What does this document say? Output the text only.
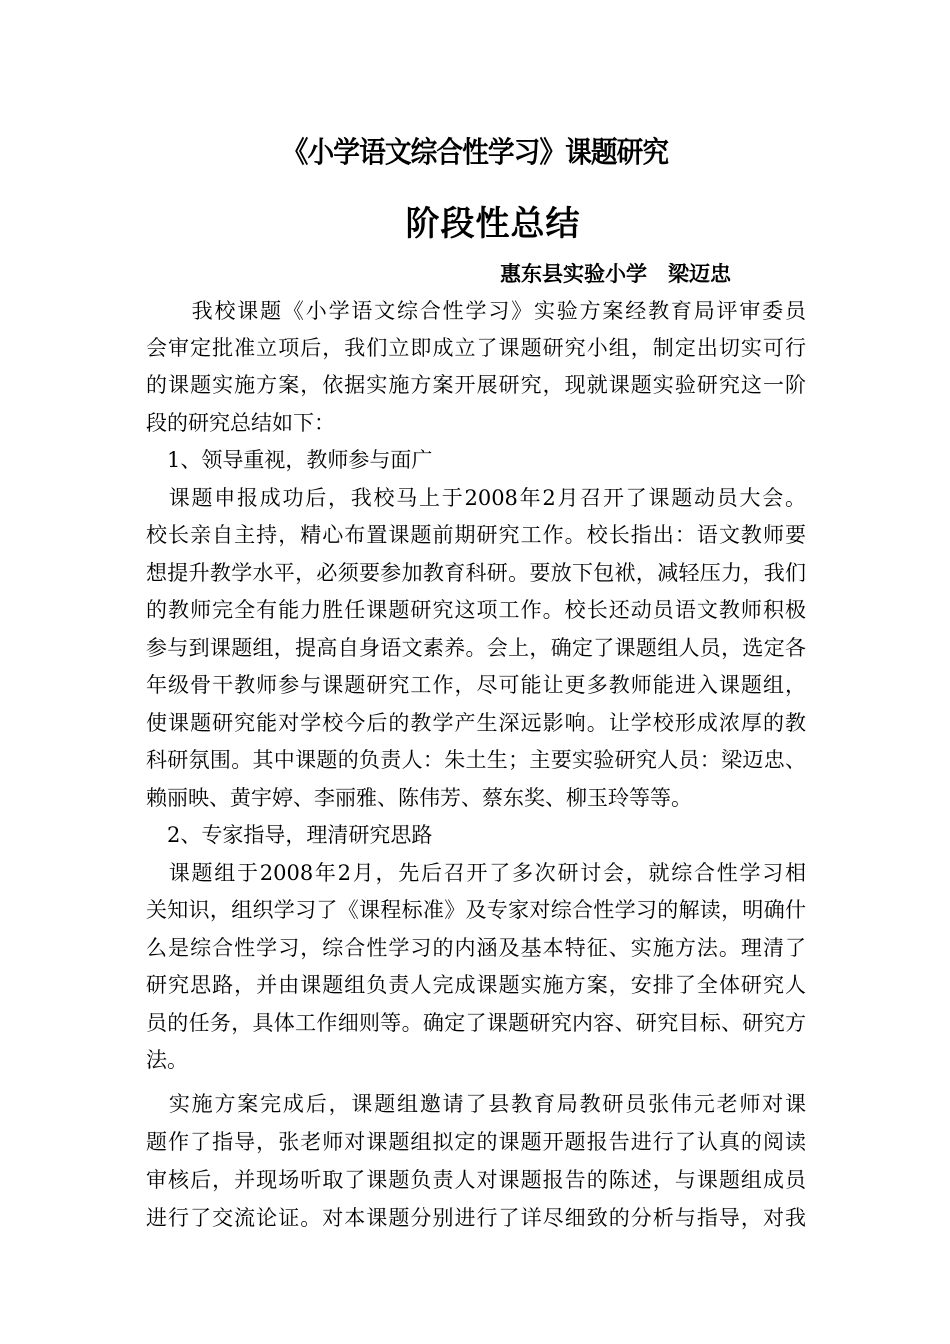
《小学语文综合性学习》课题研究
阶段性总结
惠东县实验小学　梁迈忠
　　我校课题《小学语文综合性学习》实验方案经教育局评审委员
会审定批准立项后，我们立即成立了课题研究小组，制定出切实可行
的课题实施方案，依据实施方案开展研究，现就课题实验研究这一阶
段的研究总结如下：
　1、领导重视，教师参与面广
　课题申报成功后，我校马上于2008年2月召开了课题动员大会。
校长亲自主持，精心布置课题前期研究工作。校长指出：语文教师要
想提升教学水平，必须要参加教育科研。要放下包袱，减轻压力，我们
的教师完全有能力胜任课题研究这项工作。校长还动员语文教师积极
参与到课题组，提高自身语文素养。会上，确定了课题组人员，选定各
年级骨干教师参与课题研究工作，尽可能让更多教师能进入课题组，
使课题研究能对学校今后的教学产生深远影响。让学校形成浓厚的教
科研氛围。其中课题的负责人：朱土生；主要实验研究人员：梁迈忠、
赖丽映、黄宇婷、李丽雅、陈伟芳、蔡东奖、柳玉玲等等。
　2、专家指导，理清研究思路
　课题组于2008年2月，先后召开了多次研讨会，就综合性学习相
关知识，组织学习了《课程标准》及专家对综合性学习的解读，明确什
么是综合性学习，综合性学习的内涵及基本特征、实施方法。理清了
研究思路，并由课题组负责人完成课题实施方案，安排了全体研究人
员的任务，具体工作细则等。确定了课题研究内容、研究目标、研究方
法。
　实施方案完成后，课题组邀请了县教育局教研员张伟元老师对课
题作了指导，张老师对课题组拟定的课题开题报告进行了认真的阅读
审核后，并现场听取了课题负责人对课题报告的陈述，与课题组成员
进行了交流论证。对本课题分别进行了详尽细致的分析与指导，对我
